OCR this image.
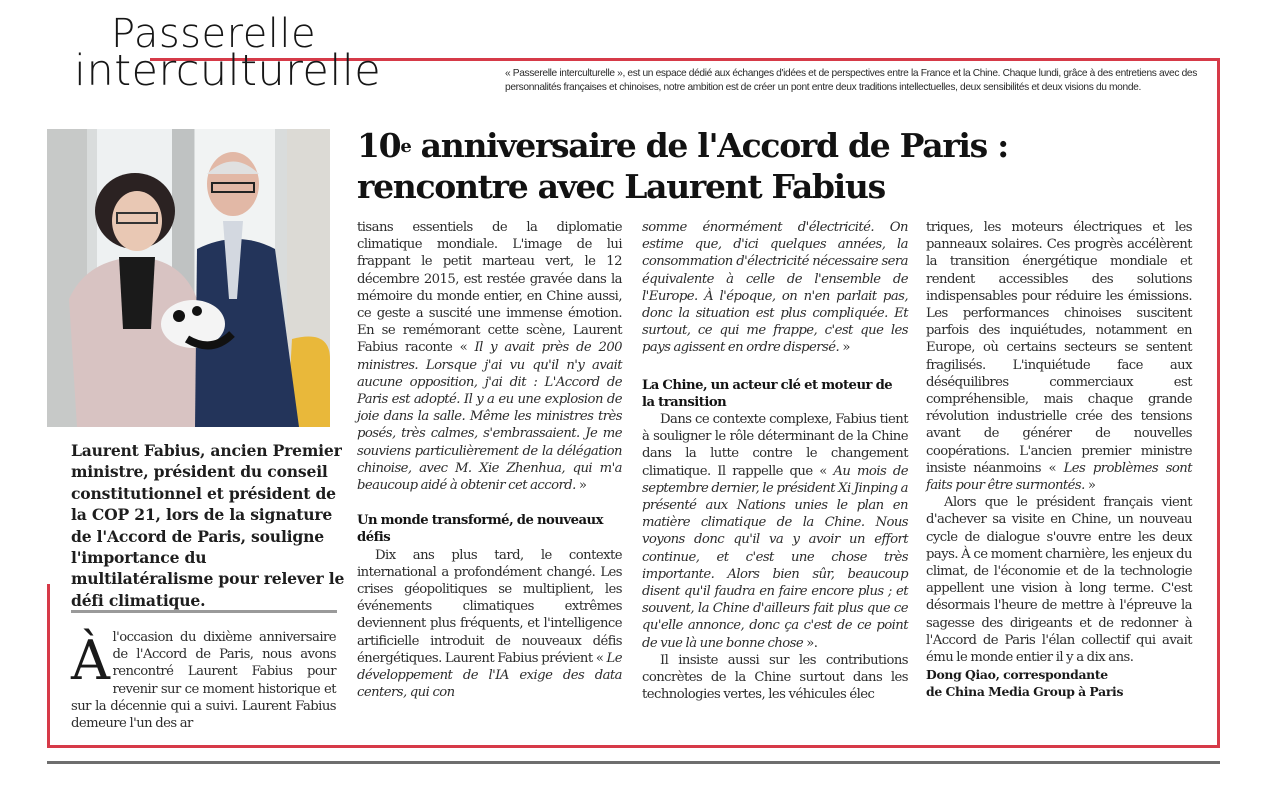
Passerelle
interculturelle	« Passerelle interculturelle », est un espace dédié aux échanges d'idées et de perspectives entre la France et la Chine. Chaque lundi, grâce à des entretiens avec des personnalités françaises et chinoises, notre ambition est de créer un pont entre deux traditions intellectuelles, deux sensibilités et deux visions du monde.
Laurent Fabius, ancien Premier ministre, président du conseil constitutionnel et président de la COP 21, lors de la signature de l'Accord de Paris, souligne l'importance du multilatéralisme pour relever le défi climatique.
10e anniversaire de l'Accord de Paris :
rencontre avec Laurent Fabius

À l'occasion du dixième anniversaire de l'Accord de Paris, nous avons rencontré Laurent Fabius pour revenir sur ce moment historique et sur la décennie qui a suivi. Laurent Fabius demeure l'un des ar

tisans essentiels de la diplomatie climatique mondiale. L'image de lui frappant le petit marteau vert, le 12 décembre 2015, est restée gravée dans la mémoire du monde entier, en Chine aussi, ce geste a suscité une immense émotion. En se remémorant cette scène, Laurent Fabius raconte « Il y avait près de 200 ministres. Lorsque j'ai vu qu'il n'y avait aucune opposition, j'ai dit : L'Accord de Paris est adopté. Il y a eu une explosion de joie dans la salle. Même les ministres très posés, très calmes, s'embrassaient. Je me souviens particulièrement de la délégation chinoise, avec M. Xie Zhenhua, qui m'a beaucoup aidé à obtenir cet accord. »

Un monde transformé, de nouveaux défis

Dix ans plus tard, le contexte international a profondément changé. Les crises géopolitiques se multiplient, les événements climatiques extrêmes deviennent plus fréquents, et l'intelligence artificielle introduit de nouveaux défis énergétiques. Laurent Fabius prévient « Le développement de l'IA exige des data centers, qui con

somme énormément d'électricité. On estime que, d'ici quelques années, la consommation d'électricité nécessaire sera équivalente à celle de l'ensemble de l'Europe. À l'époque, on n'en parlait pas, donc la situation est plus compliquée. Et surtout, ce qui me frappe, c'est que les pays agissent en ordre dispersé. »

La Chine, un acteur clé et moteur de la transition

Dans ce contexte complexe, Fabius tient à souligner le rôle déterminant de la Chine dans la lutte contre le changement climatique. Il rappelle que « Au mois de septembre dernier, le président Xi Jinping a présenté aux Nations unies le plan en matière climatique de la Chine. Nous voyons donc qu'il va y avoir un effort continue, et c'est une chose très importante. Alors bien sûr, beaucoup disent qu'il faudra en faire encore plus ; et souvent, la Chine d'ailleurs fait plus que ce qu'elle annonce, donc ça c'est de ce point de vue là une bonne chose ».

Il insiste aussi sur les contributions concrètes de la Chine surtout dans les technologies vertes, les véhicules élec

triques, les moteurs électriques et les panneaux solaires. Ces progrès accélèrent la transition énergétique mondiale et rendent accessibles des solutions indispensables pour réduire les émissions. Les performances chinoises suscitent parfois des inquiétudes, notamment en Europe, où certains secteurs se sentent fragilisés. L'inquiétude face aux déséquilibres commerciaux est compréhensible, mais chaque grande révolution industrielle crée des tensions avant de générer de nouvelles coopérations. L'ancien premier ministre insiste néanmoins « Les problèmes sont faits pour être surmontés. »

Alors que le président français vient d'achever sa visite en Chine, un nouveau cycle de dialogue s'ouvre entre les deux pays. À ce moment charnière, les enjeux du climat, de l'économie et de la technologie appellent une vision à long terme. C'est désormais l'heure de mettre à l'épreuve la sagesse des dirigeants et de redonner à l'Accord de Paris l'élan collectif qui avait ému le monde entier il y a dix ans.

Dong Qiao, correspondante

de China Media Group à Paris
